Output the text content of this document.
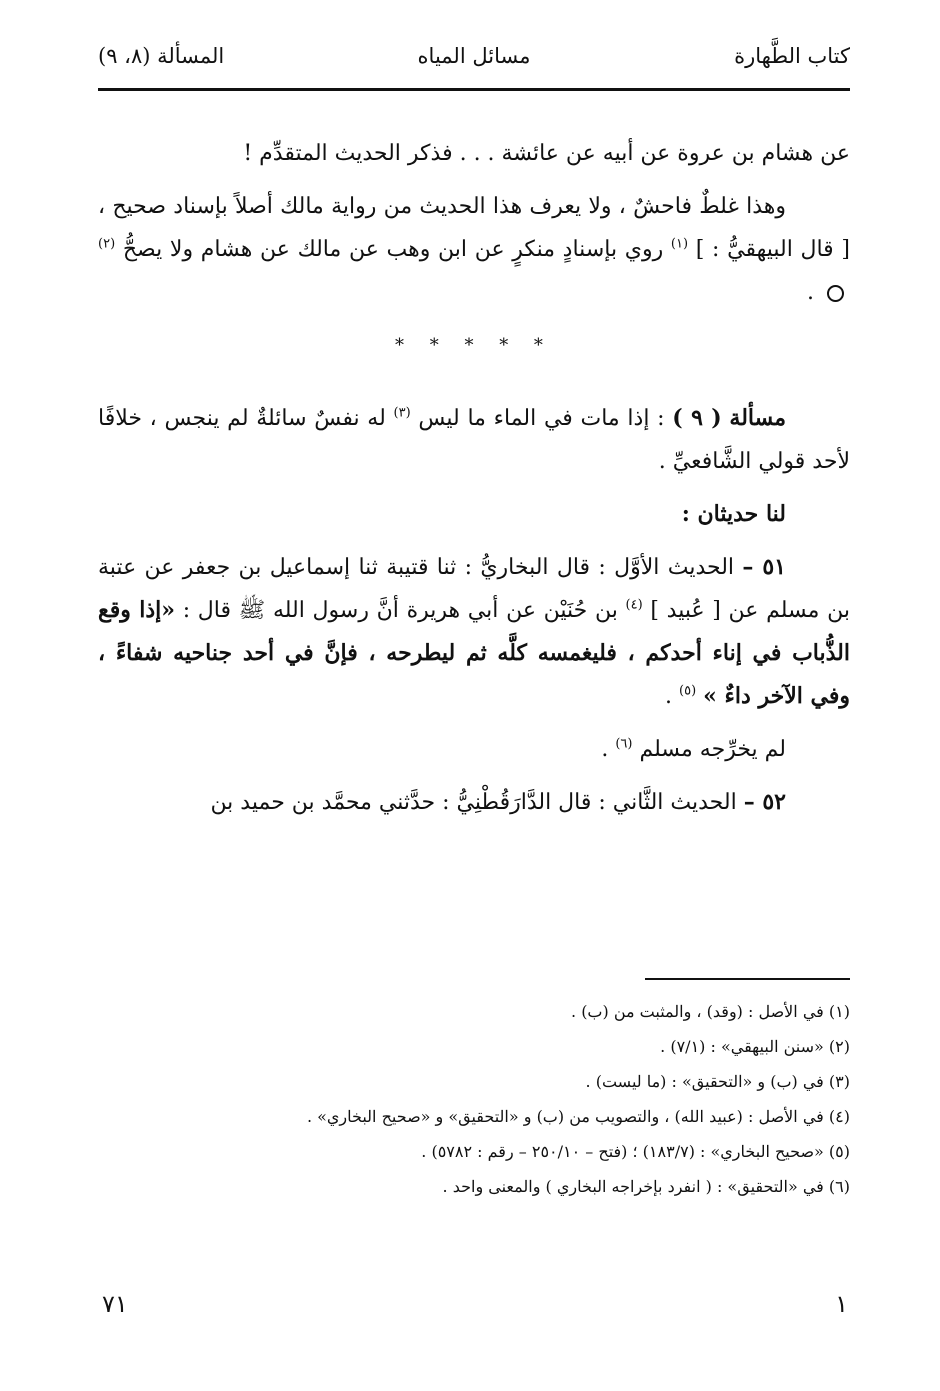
كتاب الطَّهارة
مسائل المياه
المسألة (٨، ٩)

عن هشام بن عروة عن أبيه عن عائشة . . . فذكر الحديث المتقدِّم !

وهذا غلطٌ فاحشٌ ، ولا يعرف هذا الحديث من رواية مالك أصلاً بإسناد صحيح ، [ قال البيهقيُّ : ] $^{(١)}$ روي بإسنادٍ منكرٍ عن ابن وهب عن مالك عن هشام ولا يصحُّ $^{(٢)}$  .

* * * * *

مسألة ( ٩ ) : إذا مات في الماء ما ليس $^{(٣)}$ له نفسٌ سائلةٌ لم ينجس ، خلافًا لأحد قولي الشَّافعيِّ .

لنا حديثان :

٥١ – الحديث الأوَّل : قال البخاريُّ : ثنا قتيبة ثنا إسماعيل بن جعفر عن عتبة بن مسلم عن [ عُبيد ] $^{(٤)}$ بن حُنَيْن عن أبي هريرة أنَّ رسول الله ﷺ قال : «إذا وقع الذُّباب في إناء أحدكم ، فليغمسه كلَّه ثم ليطرحه ، فإنَّ في أحد جناحيه شفاءً ، وفي الآخر داءٌ » $^{(٥)}$ .

لم يخرِّجه مسلم $^{(٦)}$ .

٥٢ – الحديث الثَّاني : قال الدَّارَقُطْنِيُّ : حدَّثني محمَّد بن حميد بن

(١) في الأصل : (وقد) ، والمثبت من (ب) .
(٢) «سنن البيهقي» : (٧/١) .
(٣) في (ب) و «التحقيق» : (ما ليست) .
(٤) في الأصل : (عبيد الله) ، والتصويب من (ب) و «التحقيق» و «صحيح البخاري» .
(٥) «صحيح البخاري» : (١٨٣/٧) ؛ (فتح – ٢٥٠/١٠ – رقم : ٥٧٨٢) .
(٦) في «التحقيق» : ( انفرد بإخراجه البخاري ) والمعنى واحد .
٧١	١
